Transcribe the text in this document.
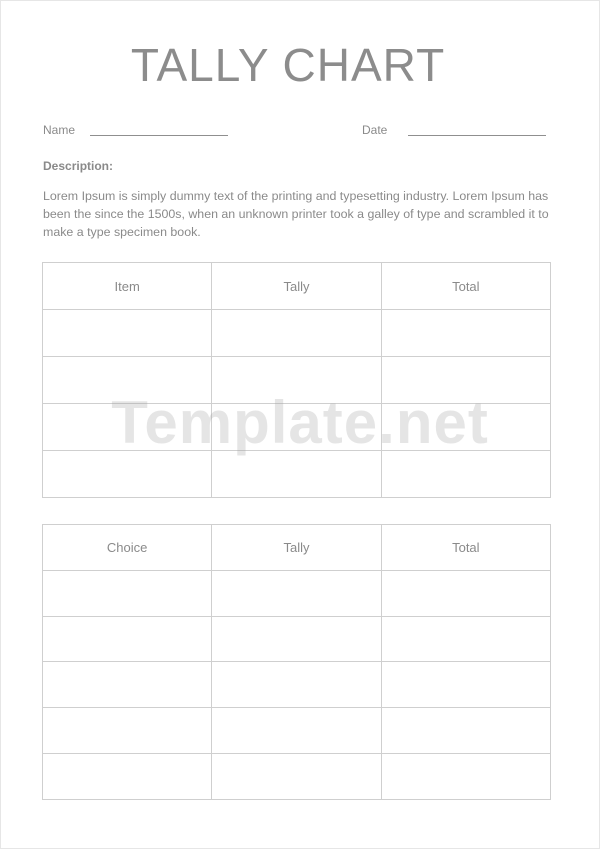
TALLY CHART
Name	Date
Description:
Lorem Ipsum is simply dummy text of the printing and typesetting industry. Lorem Ipsum has been the since the 1500s, when an unknown printer took a galley of type and scrambled it to make a type specimen book.
Item	Tally	Total

Choice	Tally	Total

Template.net
